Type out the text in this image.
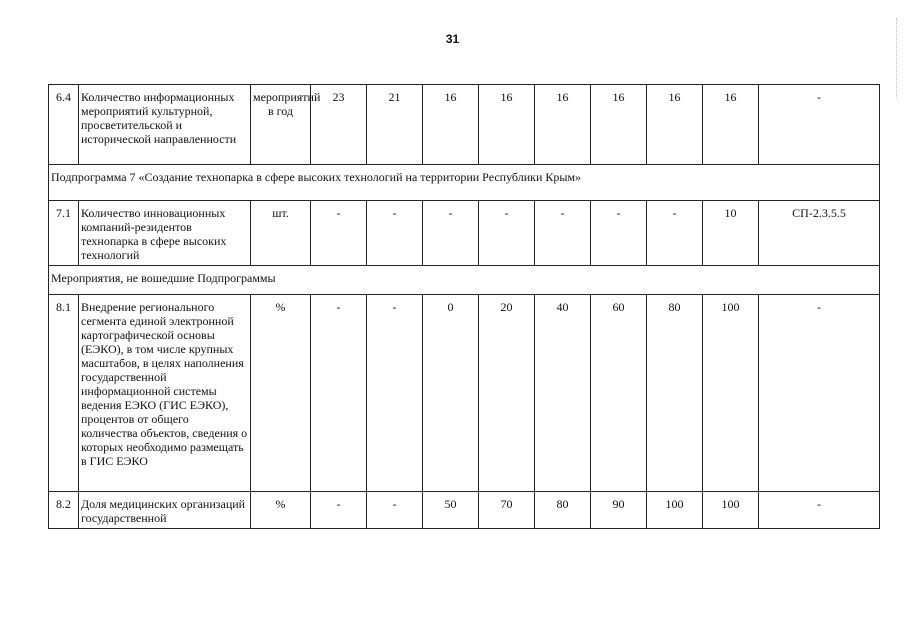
31
6.4	Количество информационных мероприятий культурной, просветительской и исторической направленности	мероприятий в год	23	21	16	16	16	16	16	16	-
Подпрограмма 7 «Создание технопарка в сфере высоких технологий на территории Республики Крым»											
7.1	Количество инновационных компаний-резидентов технопарка в сфере высоких технологий	шт.	-	-	-	-	-	-	-	10	СП-2.3.5.5
Мероприятия, не вошедшие Подпрограммы											
8.1	Внедрение регионального сегмента единой электронной картографической основы (ЕЭКО), в том числе крупных масштабов, в целях наполнения государственной информационной системы ведения ЕЭКО (ГИС ЕЭКО), процентов от общего количества объектов, сведения о которых необходимо размещать в ГИС ЕЭКО	%	-	-	0	20	40	60	80	100	-
8.2	Доля медицинских организаций государственной	%	-	-	50	70	80	90	100	100	-
